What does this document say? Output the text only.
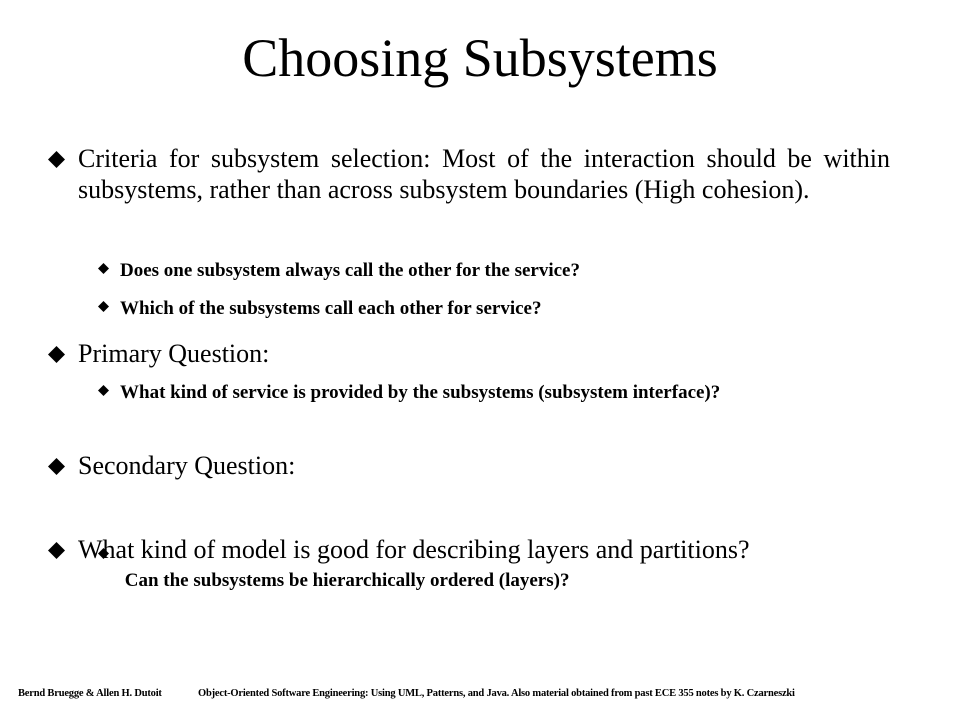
Choosing Subsystems
Criteria for subsystem selection: Most of the interaction should be within subsystems, rather than across subsystem boundaries (High cohesion).
Does one subsystem always call the other for the service?
Which of the subsystems call each other for service?
Primary Question:
What kind of service is provided by the subsystems (subsystem interface)?
Secondary Question:

Can the subsystems be hierarchically ordered (layers)?

What kind of model is good for describing layers and partitions?
Bernd Bruegge & Allen H. Dutoit	Object-Oriented Software Engineering: Using UML, Patterns, and Java. Also material obtained from past ECE 355 notes by K. Czarneszki
